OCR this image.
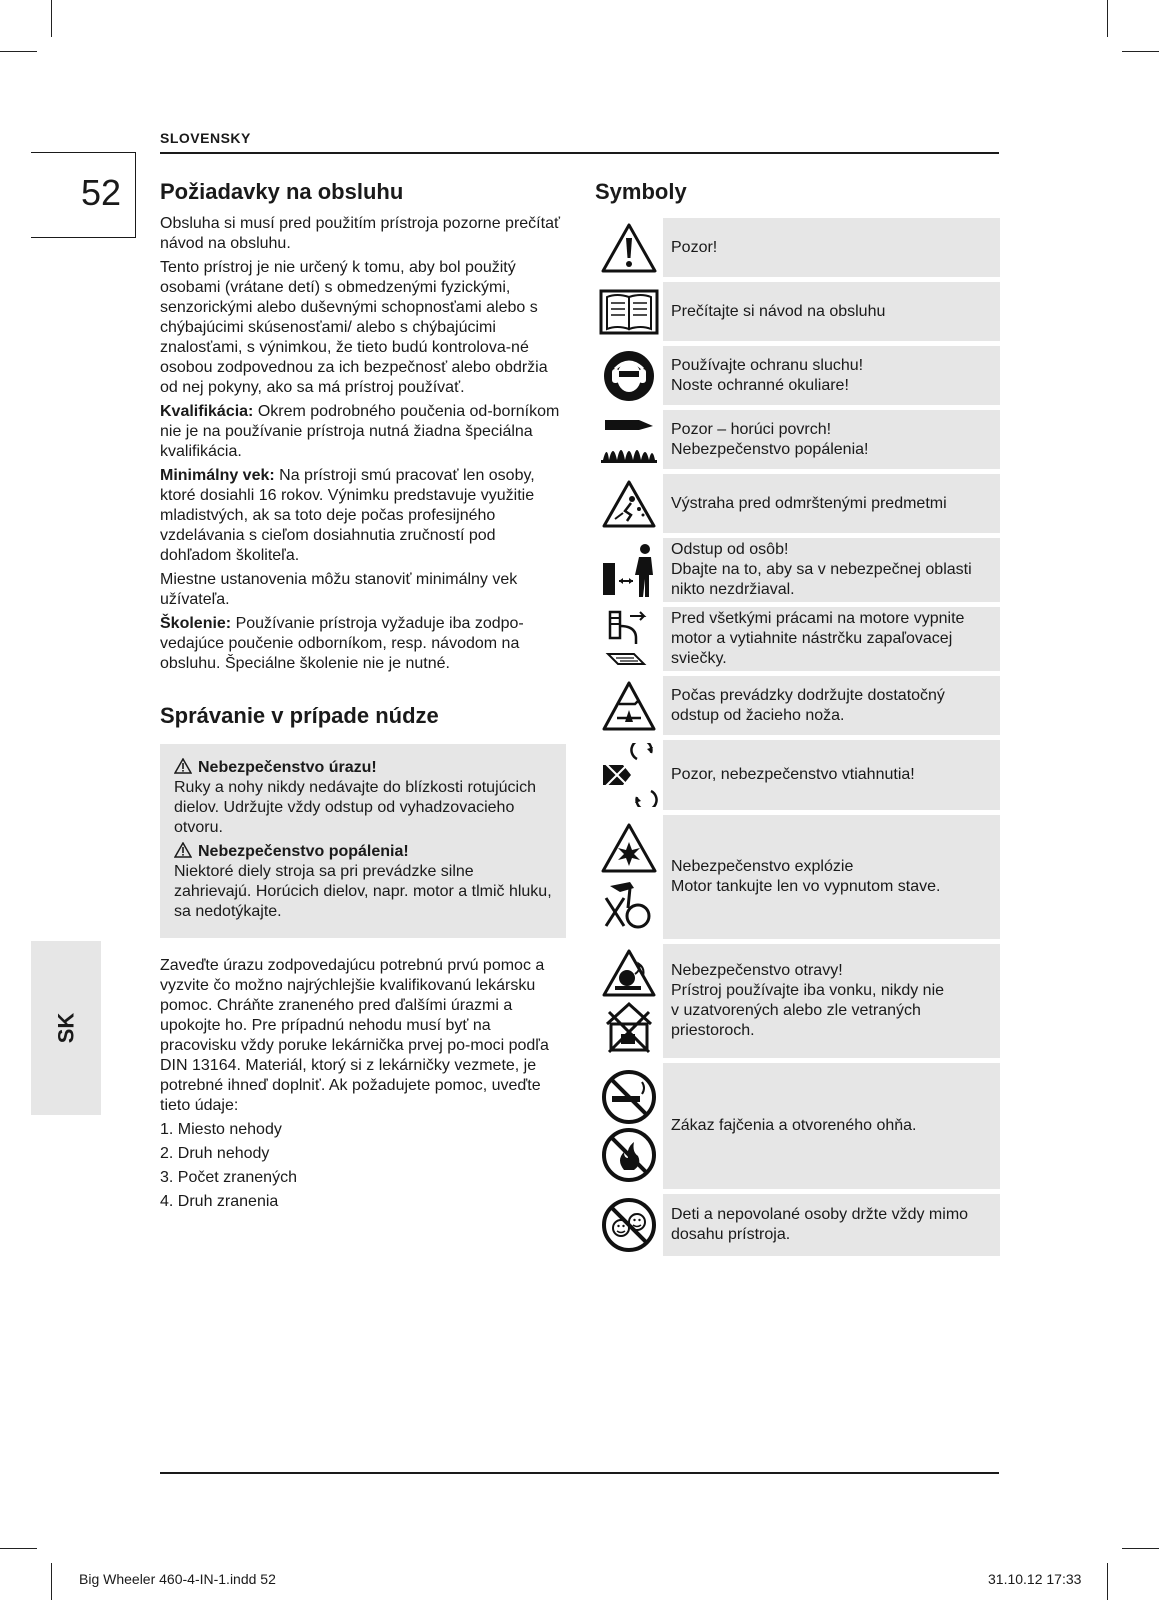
SLOVENSKY
52
SK
Požiadavky na obsluhu

Obsluha si musí pred použitím prístroja pozorne prečítať návod na obsluhu.

Tento prístroj je nie určený k tomu, aby bol použitý osobami (vrátane detí) s obmedzenými fyzickými, senzorickými alebo duševnými schopnosťami alebo s chýbajúcimi skúsenosťami/ alebo s chýbajúcimi znalosťami, s výnimkou, že tieto budú kontrolova-né osobou zodpovednou za ich bezpečnosť alebo obdržia od nej pokyny, ako sa má prístroj používať.

Kvalifikácia: Okrem podrobného poučenia od-borníkom nie je na používanie prístroja nutná žiadna špeciálna kvalifikácia.

Minimálny vek: Na prístroji smú pracovať len osoby, ktoré dosiahli 16 rokov. Výnimku predstavuje využitie mladistvých, ak sa toto deje počas profesijného vzdelávania s cieľom dosiahnutia zručností pod dohľadom školiteľa.

Miestne ustanovenia môžu stanoviť minimálny vek užívateľa.

Školenie: Používanie prístroja vyžaduje iba zodpo-vedajúce poučenie odborníkom, resp. návodom na obsluhu. Špeciálne školenie nie je nutné.

Správanie v prípade núdze

Nebezpečenstvo úrazu!

Ruky a nohy nikdy nedávajte do blízkosti rotujúcich dielov. Udržujte vždy odstup od vyhadzovacieho otvoru.

Nebezpečenstvo popálenia!

Niektoré diely stroja sa pri prevádzke silne zahrievajú. Horúcich dielov, napr. motor a tlmič hluku, sa nedotýkajte.

Zaveďte úrazu zodpovedajúcu potrebnú prvú pomoc a vyzvite čo možno najrýchlejšie kvalifikovanú lekársku pomoc. Chráňte zraneného pred ďalšími úrazmi a upokojte ho. Pre prípadnú nehodu musí byť na pracovisku vždy poruke lekárnička prvej po-moci podľa DIN 13164. Materiál, ktorý si z lekárničky vezmete, je potrebné ihneď doplniť. Ak požadujete pomoc, uveďte tieto údaje:

1. Miesto nehody

2. Druh nehody

3. Počet zranených

4. Druh zranenia

Symboly
Pozor!
Prečítajte si návod na obsluhu
Používajte ochranu sluchu!
Noste ochranné okuliare!
Pozor – horúci povrch!
Nebezpečenstvo popálenia!
Výstraha pred odmrštenými predmetmi
Odstup od osôb!
Dbajte na to, aby sa v nebezpečnej oblasti
nikto nezdržiaval.
Pred všetkými prácami na motore vypnite
motor a vytiahnite nástrčku zapaľovacej
sviečky.
Počas prevádzky dodržujte dostatočný
odstup od žacieho noža.
Pozor, nebezpečenstvo vtiahnutia!
Nebezpečenstvo explózie
Motor tankujte len vo vypnutom stave.
Nebezpečenstvo otravy!
Prístroj používajte iba vonku, nikdy nie
v uzatvorených alebo zle vetraných
priestoroch.
Zákaz fajčenia a otvoreného ohňa.
Deti a nepovolané osoby držte vždy mimo
dosahu prístroja.
Big Wheeler 460-4-IN-1.indd 52	31.10.12 17:33
